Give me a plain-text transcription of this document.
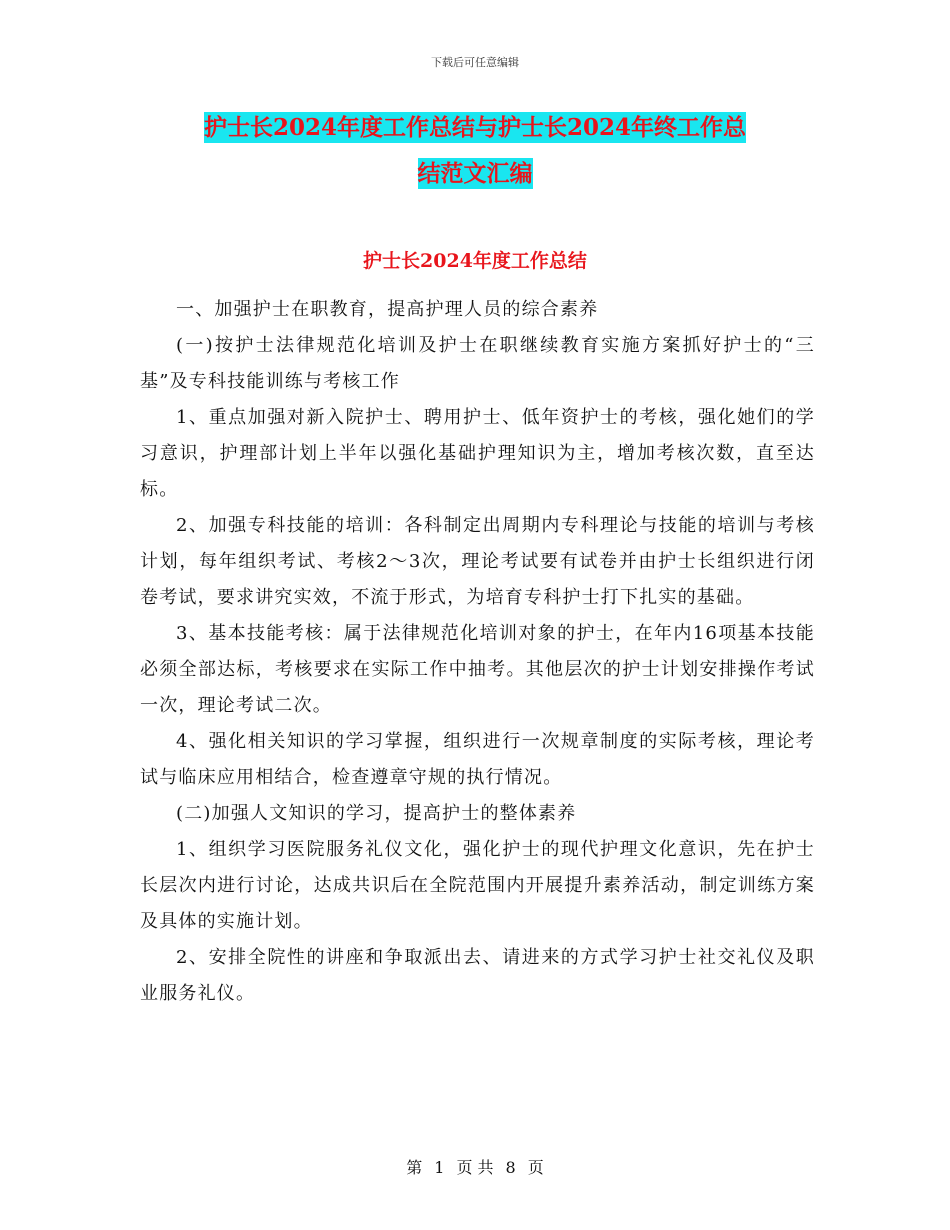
下载后可任意编辑
护士长2024年度工作总结与护士长2024年终工作总
结范文汇编
护士长2024年度工作总结

一、加强护士在职教育，提高护理人员的综合素养

(一)按护士法律规范化培训及护士在职继续教育实施方案抓好护士的“三基”及专科技能训练与考核工作

1、重点加强对新入院护士、聘用护士、低年资护士的考核，强化她们的学习意识，护理部计划上半年以强化基础护理知识为主，增加考核次数，直至达标。

2、加强专科技能的培训：各科制定出周期内专科理论与技能的培训与考核计划，每年组织考试、考核2～3次，理论考试要有试卷并由护士长组织进行闭卷考试，要求讲究实效，不流于形式，为培育专科护士打下扎实的基础。

3、基本技能考核：属于法律规范化培训对象的护士，在年内16项基本技能必须全部达标，考核要求在实际工作中抽考。其他层次的护士计划安排操作考试一次，理论考试二次。

4、强化相关知识的学习掌握，组织进行一次规章制度的实际考核，理论考试与临床应用相结合，检查遵章守规的执行情况。

(二)加强人文知识的学习，提高护士的整体素养

1、组织学习医院服务礼仪文化，强化护士的现代护理文化意识，先在护士长层次内进行讨论，达成共识后在全院范围内开展提升素养活动，制定训练方案及具体的实施计划。

2、安排全院性的讲座和争取派出去、请进来的方式学习护士社交礼仪及职业服务礼仪。

第 1 页 共 8 页
